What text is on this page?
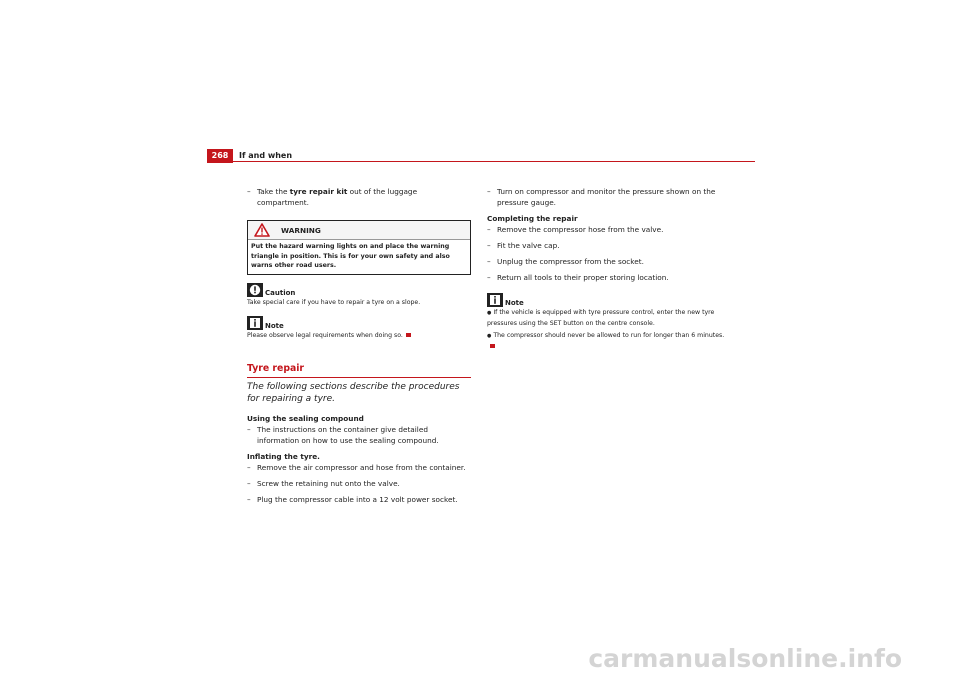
268	If and when

– Take the tyre repair kit out of the luggage compartment.

WARNING
Put the hazard warning lights on and place the warning triangle in position. This is for your own safety and also warns other road users.
Caution

Take special care if you have to repair a tyre on a slope.

Note

Please observe legal requirements when doing so.

Tyre repair

The following sections describe the procedures for repairing a tyre.

Using the sealing compound

– The instructions on the container give detailed information on how to use the sealing compound.

Inflating the tyre.

– Remove the air compressor and hose from the container.

– Screw the retaining nut onto the valve.

– Plug the compressor cable into a 12 volt power socket.

– Turn on compressor and monitor the pressure shown on the pressure gauge.

Completing the repair

– Remove the compressor hose from the valve.

– Fit the valve cap.

– Unplug the compressor from the socket.

– Return all tools to their proper storing location.

Note

● If the vehicle is equipped with tyre pressure control, enter the new tyre pressures using the SET button on the centre console.

● The compressor should never be allowed to run for longer than 6 minutes.

carmanualsonline.info
